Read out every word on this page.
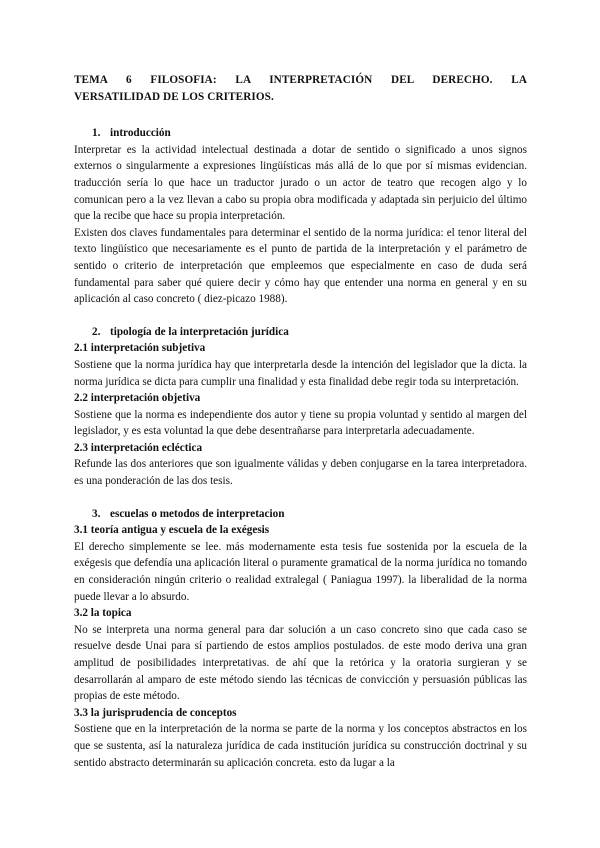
TEMA 6 FILOSOFIA: LA INTERPRETACIÓN DEL DERECHO. LA
VERSATILIDAD DE LOS CRITERIOS.
1. introducción

Interpretar es la actividad intelectual destinada a dotar de sentido o significado a unos signos externos o singularmente a expresiones lingüísticas más allá de lo que por sí mismas evidencian. traducción sería lo que hace un traductor jurado o un actor de teatro que recogen algo y lo comunican pero a la vez llevan a cabo su propia obra modificada y adaptada sin perjuicio del último que la recibe que hace su propia interpretación.

Existen dos claves fundamentales para determinar el sentido de la norma jurídica: el tenor literal del texto lingüístico que necesariamente es el punto de partida de la interpretación y el parámetro de sentido o criterio de interpretación que empleemos que especialmente en caso de duda será fundamental para saber qué quiere decir y cómo hay que entender una norma en general y en su aplicación al caso concreto ( diez-picazo 1988).

2. tipología de la interpretación jurídica
2.1 interpretación subjetiva

Sostiene que la norma jurídica hay que interpretarla desde la intención del legislador que la dicta. la norma jurídica se dicta para cumplir una finalidad y esta finalidad debe regir toda su interpretación.

2.2 interpretación objetiva

Sostiene que la norma es independiente dos autor y tiene su propia voluntad y sentido al margen del legislador, y es esta voluntad la que debe desentrañarse para interpretarla adecuadamente.

2.3 interpretación ecléctica

Refunde las dos anteriores que son igualmente válidas y deben conjugarse en la tarea interpretadora. es una ponderación de las dos tesis.

3. escuelas o metodos de interpretacion
3.1 teoría antigua y escuela de la exégesis

El derecho simplemente se lee. más modernamente esta tesis fue sostenida por la escuela de la exégesis que defendía una aplicación literal o puramente gramatical de la norma jurídica no tomando en consideración ningún criterio o realidad extralegal ( Paniagua 1997). la liberalidad de la norma puede llevar a lo absurdo.

3.2 la topica

No se interpreta una norma general para dar solución a un caso concreto sino que cada caso se resuelve desde Unai para sí partiendo de estos amplios postulados. de este modo deriva una gran amplitud de posibilidades interpretativas. de ahí que la retórica y la oratoria surgieran y se desarrollarán al amparo de este método siendo las técnicas de convicción y persuasión públicas las propias de este método.

3.3 la jurisprudencia de conceptos

Sostiene que en la interpretación de la norma se parte de la norma y los conceptos abstractos en los que se sustenta, así la naturaleza jurídica de cada institución jurídica su construcción doctrinal y su sentido abstracto determinarán su aplicación concreta. esto da lugar a la
